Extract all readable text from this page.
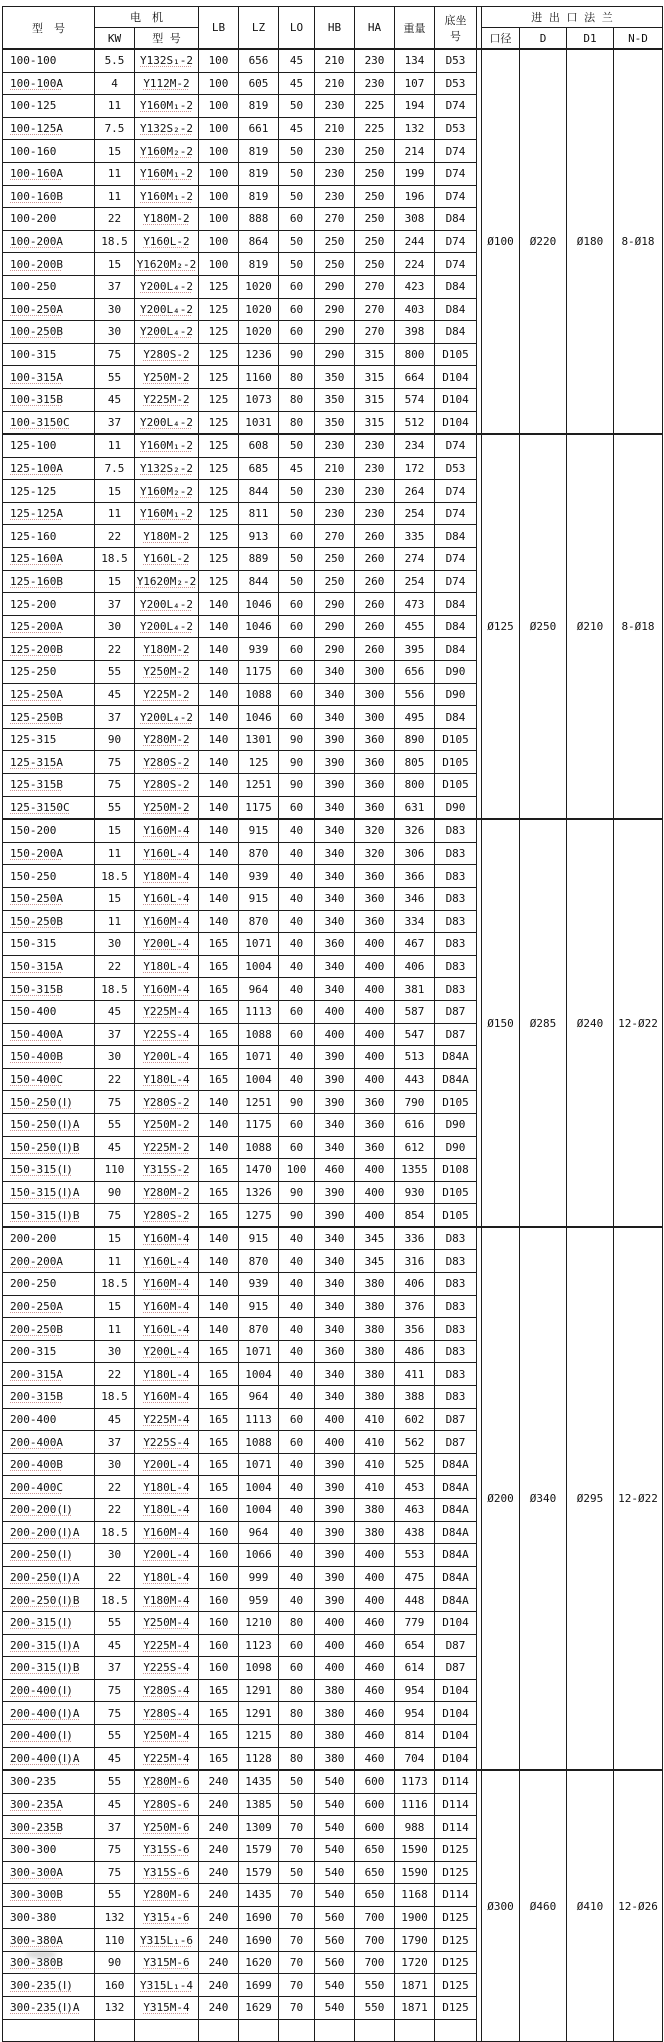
型　号	电　机		LB	LZ	LO	HB	HA	重量	底坐
号		进 出 口 法 兰			
	KW	型 号									口径	D	D1	N-D
100-100	5.5	Y132S₁-2	100	656	45	210	230	134	D53		Ø100	Ø220	Ø180	8-Ø18
100-100A	4	Y112M-2	100	605	45	210	230	107	D53					
100-125	11	Y160M₁-2	100	819	50	230	225	194	D74					
100-125A	7.5	Y132S₂-2	100	661	45	210	225	132	D53					
100-160	15	Y160M₂-2	100	819	50	230	250	214	D74					
100-160A	11	Y160M₁-2	100	819	50	230	250	199	D74					
100-160B	11	Y160M₁-2	100	819	50	230	250	196	D74					
100-200	22	Y180M-2	100	888	60	270	250	308	D84					
100-200A	18.5	Y160L-2	100	864	50	250	250	244	D74					
100-200B	15	Y1620M₂-2	100	819	50	250	250	224	D74					
100-250	37	Y200L₄-2	125	1020	60	290	270	423	D84					
100-250A	30	Y200L₄-2	125	1020	60	290	270	403	D84					
100-250B	30	Y200L₄-2	125	1020	60	290	270	398	D84					
100-315	75	Y280S-2	125	1236	90	290	315	800	D105					
100-315A	55	Y250M-2	125	1160	80	350	315	664	D104					
100-315B	45	Y225M-2	125	1073	80	350	315	574	D104					
100-3150C	37	Y200L₄-2	125	1031	80	350	315	512	D104					
125-100	11	Y160M₁-2	125	608	50	230	230	234	D74		Ø125	Ø250	Ø210	8-Ø18
125-100A	7.5	Y132S₂-2	125	685	45	210	230	172	D53					
125-125	15	Y160M₂-2	125	844	50	230	230	264	D74					
125-125A	11	Y160M₁-2	125	811	50	230	230	254	D74					
125-160	22	Y180M-2	125	913	60	270	260	335	D84					
125-160A	18.5	Y160L-2	125	889	50	250	260	274	D74					
125-160B	15	Y1620M₂-2	125	844	50	250	260	254	D74					
125-200	37	Y200L₄-2	140	1046	60	290	260	473	D84					
125-200A	30	Y200L₄-2	140	1046	60	290	260	455	D84					
125-200B	22	Y180M-2	140	939	60	290	260	395	D84					
125-250	55	Y250M-2	140	1175	60	340	300	656	D90					
125-250A	45	Y225M-2	140	1088	60	340	300	556	D90					
125-250B	37	Y200L₄-2	140	1046	60	340	300	495	D84					
125-315	90	Y280M-2	140	1301	90	390	360	890	D105					
125-315A	75	Y280S-2	140	125	90	390	360	805	D105					
125-315B	75	Y280S-2	140	1251	90	390	360	800	D105					
125-3150C	55	Y250M-2	140	1175	60	340	360	631	D90					
150-200	15	Y160M-4	140	915	40	340	320	326	D83		Ø150	Ø285	Ø240	12-Ø22
150-200A	11	Y160L-4	140	870	40	340	320	306	D83					
150-250	18.5	Y180M-4	140	939	40	340	360	366	D83					
150-250A	15	Y160L-4	140	915	40	340	360	346	D83					
150-250B	11	Y160M-4	140	870	40	340	360	334	D83					
150-315	30	Y200L-4	165	1071	40	360	400	467	D83					
150-315A	22	Y180L-4	165	1004	40	340	400	406	D83					
150-315B	18.5	Y160M-4	165	964	40	340	400	381	D83					
150-400	45	Y225M-4	165	1113	60	400	400	587	D87					
150-400A	37	Y225S-4	165	1088	60	400	400	547	D87					
150-400B	30	Y200L-4	165	1071	40	390	400	513	D84A					
150-400C	22	Y180L-4	165	1004	40	390	400	443	D84A					
150-250(Ⅰ)	75	Y280S-2	140	1251	90	390	360	790	D105					
150-250(Ⅰ)A	55	Y250M-2	140	1175	60	340	360	616	D90					
150-250(Ⅰ)B	45	Y225M-2	140	1088	60	340	360	612	D90					
150-315(Ⅰ)	110	Y315S-2	165	1470	100	460	400	1355	D108					
150-315(Ⅰ)A	90	Y280M-2	165	1326	90	390	400	930	D105					
150-315(Ⅰ)B	75	Y280S-2	165	1275	90	390	400	854	D105					
200-200	15	Y160M-4	140	915	40	340	345	336	D83		Ø200	Ø340	Ø295	12-Ø22
200-200A	11	Y160L-4	140	870	40	340	345	316	D83					
200-250	18.5	Y160M-4	140	939	40	340	380	406	D83					
200-250A	15	Y160M-4	140	915	40	340	380	376	D83					
200-250B	11	Y160L-4	140	870	40	340	380	356	D83					
200-315	30	Y200L-4	165	1071	40	360	380	486	D83					
200-315A	22	Y180L-4	165	1004	40	340	380	411	D83					
200-315B	18.5	Y160M-4	165	964	40	340	380	388	D83					
200-400	45	Y225M-4	165	1113	60	400	410	602	D87					
200-400A	37	Y225S-4	165	1088	60	400	410	562	D87					
200-400B	30	Y200L-4	165	1071	40	390	410	525	D84A					
200-400C	22	Y180L-4	165	1004	40	390	410	453	D84A					
200-200(Ⅰ)	22	Y180L-4	160	1004	40	390	380	463	D84A					
200-200(Ⅰ)A	18.5	Y160M-4	160	964	40	390	380	438	D84A					
200-250(Ⅰ)	30	Y200L-4	160	1066	40	390	400	553	D84A					
200-250(Ⅰ)A	22	Y180L-4	160	999	40	390	400	475	D84A					
200-250(Ⅰ)B	18.5	Y180M-4	160	959	40	390	400	448	D84A					
200-315(Ⅰ)	55	Y250M-4	160	1210	80	400	460	779	D104					
200-315(Ⅰ)A	45	Y225M-4	160	1123	60	400	460	654	D87					
200-315(Ⅰ)B	37	Y225S-4	160	1098	60	400	460	614	D87					
200-400(Ⅰ)	75	Y280S-4	165	1291	80	380	460	954	D104					
200-400(Ⅰ)A	75	Y280S-4	165	1291	80	380	460	954	D104					
200-400(Ⅰ)	55	Y250M-4	165	1215	80	380	460	814	D104					
200-400(Ⅰ)A	45	Y225M-4	165	1128	80	380	460	704	D104					
300-235	55	Y280M-6	240	1435	50	540	600	1173	D114		Ø300	Ø460	Ø410	12-Ø26
300-235A	45	Y280S-6	240	1385	50	540	600	1116	D114					
300-235B	37	Y250M-6	240	1309	70	540	600	988	D114					
300-300	75	Y315S-6	240	1579	70	540	650	1590	D125					
300-300A	75	Y315S-6	240	1579	50	540	650	1590	D125					
300-300B	55	Y280M-6	240	1435	70	540	650	1168	D114					
300-380	132	Y315₄-6	240	1690	70	560	700	1900	D125					
300-380A	110	Y315L₁-6	240	1690	70	560	700	1790	D125					
300-380B	90	Y315M-6	240	1620	70	560	700	1720	D125					
300-235(Ⅰ)	160	Y315L₁-4	240	1699	70	540	550	1871	D125					
300-235(Ⅰ)A	132	Y315M-4	240	1629	70	540	550	1871	D125					
